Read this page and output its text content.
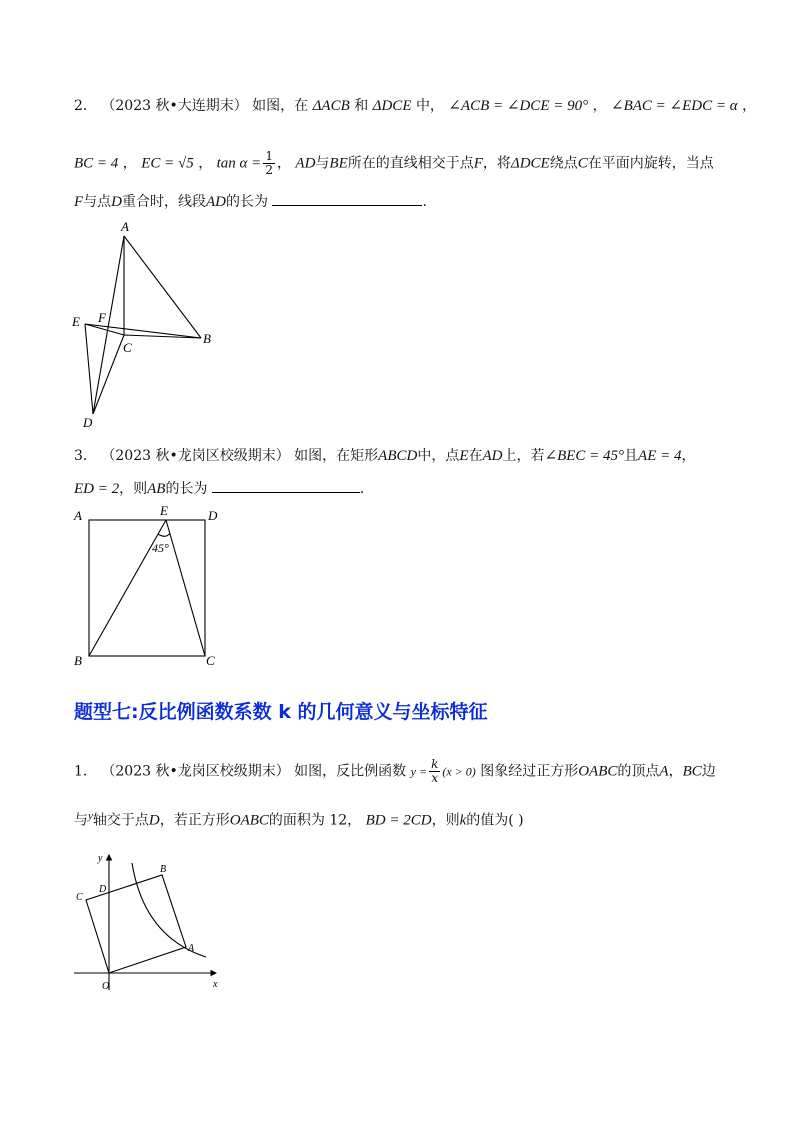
2． （2023 秋•大连期末） 如图，在 ΔACB 和 ΔDCE 中， ∠ACB = ∠DCE = 90° ， ∠BAC = ∠EDC = α ，
BC = 4 ， EC = √5 ， $\tan \alpha = \frac{1}{2}$ ， AD与BE所在的直线相交于点F，将ΔDCE绕点C在平面内旋转，当点
F与点D重合时，线段AD的长为	．
A
B
C
D
E F
3． （2023 秋•龙岗区校级期末） 如图，在矩形ABCD中，点E在AD上，若∠BEC = 45°且AE = 4，
ED = 2，则AB的长为	．
A	E	D
B	C
45°
题型七:反比例函数系数 k 的几何意义与坐标特征
1． （2023 秋•龙岗区校级期末） 如图，反比例函数 $y = \frac{k}{x} (x > 0)$ 图象经过正方形OABC的顶点A，BC边
与$^y$轴交于点D，若正方形OABC的面积为 12， BD = 2CD，则k的值为( )
O
A
B
C
D
x
y
